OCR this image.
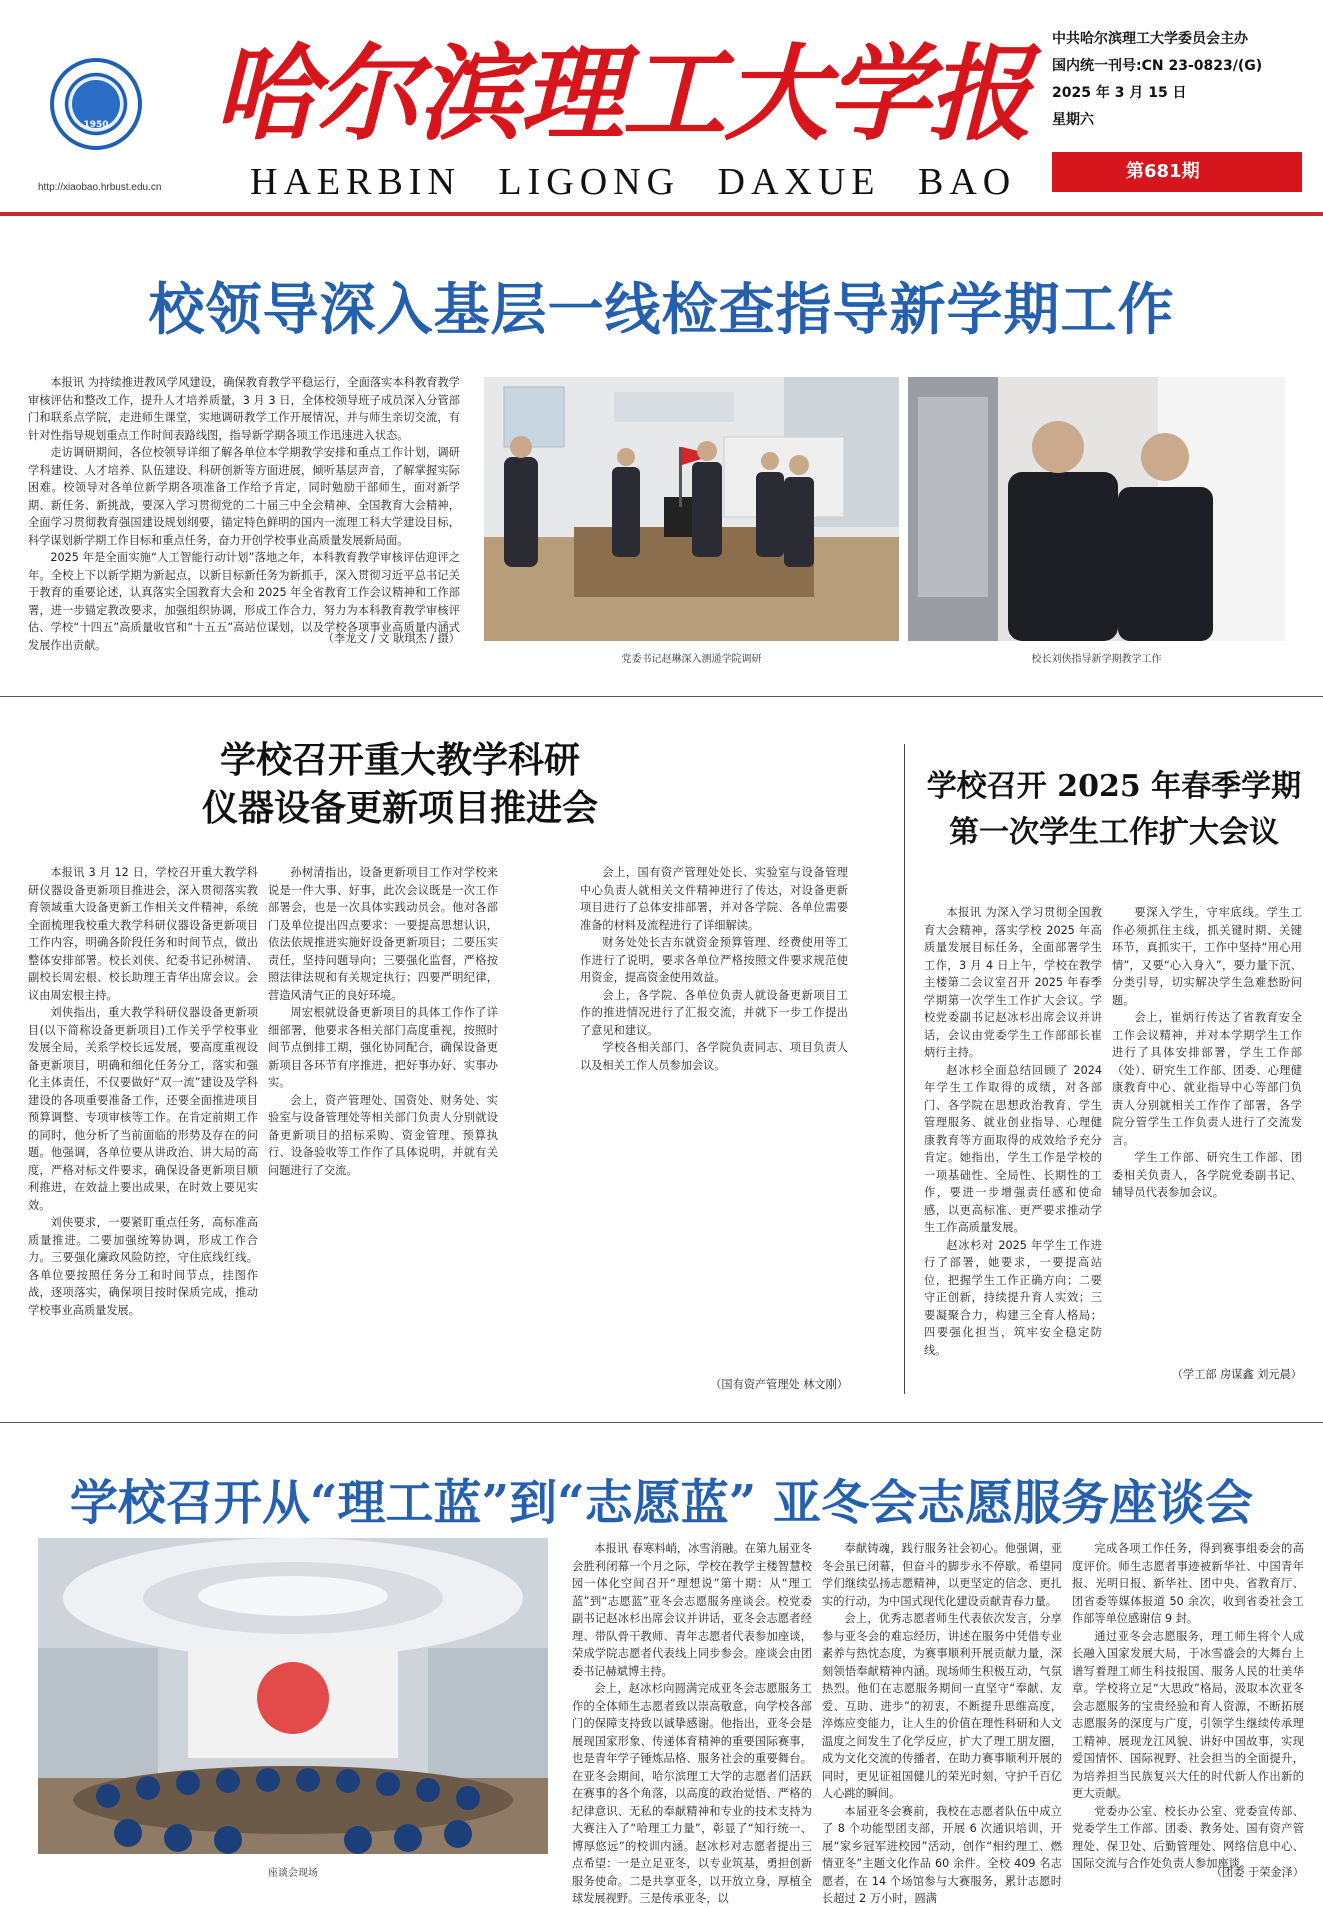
1950
http://xiaobao.hrbust.edu.cn
哈尔滨理工大学报
HAERBIN LIGONG DAXUE BAO
中共哈尔滨理工大学委员会主办
国内统一刊号:CN 23-0823/(G)
2025 年 3 月 15 日
星期六
第681期
校领导深入基层一线检查指导新学期工作

本报讯 为持续推进教风学风建设，确保教育教学平稳运行，全面落实本科教育教学审核评估和整改工作，提升人才培养质量，3 月 3 日，全体校领导班子成员深入分管部门和联系点学院，走进师生课堂，实地调研教学工作开展情况，并与师生亲切交流，有针对性指导规划重点工作时间表路线图，指导新学期各项工作迅速进入状态。

走访调研期间，各位校领导详细了解各单位本学期教学安排和重点工作计划，调研学科建设、人才培养、队伍建设、科研创新等方面进展，倾听基层声音，了解掌握实际困难。校领导对各单位新学期各项准备工作给予肯定，同时勉励干部师生，面对新学期、新任务、新挑战，要深入学习贯彻党的二十届三中全会精神、全国教育大会精神，全面学习贯彻教育强国建设规划纲要，锚定特色鲜明的国内一流理工科大学建设目标，科学谋划新学期工作目标和重点任务，奋力开创学校事业高质量发展新局面。

2025 年是全面实施“人工智能行动计划”落地之年，本科教育教学审核评估迎评之年。全校上下以新学期为新起点，以新目标新任务为新抓手，深入贯彻习近平总书记关于教育的重要论述，认真落实全国教育大会和 2025 年全省教育工作会议精神和工作部署，进一步锚定教改要求，加强组织协调，形成工作合力，努力为本科教育教学审核评估、学校“十四五”高质量收官和“十五五”高站位谋划，以及学校各项事业高质量内涵式发展作出贡献。	（李龙文 / 文 耿琪杰 / 摄）
党委书记赵琳深入测通学院调研	校长刘侠指导新学期教学工作
学校召开重大教学科研
仪器设备更新项目推进会

本报讯 3 月 12 日，学校召开重大教学科研仪器设备更新项目推进会，深入贯彻落实教育领域重大设备更新工作相关文件精神，系统全面梳理我校重大教学科研仪器设备更新项目工作内容，明确各阶段任务和时间节点，做出整体安排部署。校长刘侠、纪委书记孙树清、副校长周宏根、校长助理王青华出席会议。会议由周宏根主持。

刘侠指出，重大教学科研仪器设备更新项目(以下简称设备更新项目)工作关乎学校事业发展全局，关系学校长远发展，要高度重视设备更新项目，明确和细化任务分工，落实和强化主体责任，不仅要做好“双一流”建设及学科建设的各项重要准备工作，还要全面推进项目预算调整、专项审核等工作。在肯定前期工作的同时，他分析了当前面临的形势及存在的问题。他强调，各单位要从讲政治、讲大局的高度，严格对标文件要求，确保设备更新项目顺利推进，在效益上要出成果，在时效上要见实效。

刘侠要求，一要紧盯重点任务，高标准高质量推进。二要加强统筹协调，形成工作合力。三要强化廉政风险防控，守住底线红线。各单位要按照任务分工和时间节点，挂图作战，逐项落实，确保项目按时保质完成，推动学校事业高质量发展。

孙树清指出，设备更新项目工作对学校来说是一件大事、好事，此次会议既是一次工作部署会，也是一次具体实践动员会。他对各部门及单位提出四点要求：一要提高思想认识，依法依规推进实施好设备更新项目；二要压实责任，坚持问题导向；三要强化监督，严格按照法律法规和有关规定执行；四要严明纪律，营造风清气正的良好环境。

周宏根就设备更新项目的具体工作作了详细部署，他要求各相关部门高度重视，按照时间节点倒排工期，强化协同配合，确保设备更新项目各环节有序推进，把好事办好、实事办实。

会上，资产管理处、国资处、财务处、实验室与设备管理处等相关部门负责人分别就设备更新项目的招标采购、资金管理、预算执行、设备验收等工作作了具体说明，并就有关问题进行了交流。

会上，国有资产管理处处长、实验室与设备管理中心负责人就相关文件精神进行了传达，对设备更新项目进行了总体安排部署，并对各学院、各单位需要准备的材料及流程进行了详细解读。

财务处处长吉东就资金预算管理、经费使用等工作进行了说明，要求各单位严格按照文件要求规范使用资金，提高资金使用效益。

会上，各学院、各单位负责人就设备更新项目工作的推进情况进行了汇报交流，并就下一步工作提出了意见和建议。

学校各相关部门、各学院负责同志、项目负责人以及相关工作人员参加会议。

（国有资产管理处 林文刚）
学校召开 2025 年春季学期
第一次学生工作扩大会议

本报讯 为深入学习贯彻全国教育大会精神，落实学校 2025 年高质量发展目标任务，全面部署学生工作，3 月 4 日上午，学校在教学主楼第二会议室召开 2025 年春季学期第一次学生工作扩大会议。学校党委副书记赵冰杉出席会议并讲话，会议由党委学生工作部部长崔炳行主持。

赵冰杉全面总结回顾了 2024 年学生工作取得的成绩，对各部门、各学院在思想政治教育、学生管理服务、就业创业指导、心理健康教育等方面取得的成效给予充分肯定。她指出，学生工作是学校的一项基础性、全局性、长期性的工作，要进一步增强责任感和使命感，以更高标准、更严要求推动学生工作高质量发展。

赵冰杉对 2025 年学生工作进行了部署，她要求，一要提高站位，把握学生工作正确方向；二要守正创新，持续提升育人实效；三要凝聚合力，构建三全育人格局；四要强化担当，筑牢安全稳定防线。

要深入学生，守牢底线。学生工作必须抓住主线，抓关键时期、关键环节，真抓实干，工作中坚持“用心用情”，又要“心入身入”，要力量下沉、分类引导，切实解决学生急难愁盼问题。

会上，崔炳行传达了省教育安全工作会议精神，并对本学期学生工作进行了具体安排部署，学生工作部（处）、研究生工作部、团委、心理健康教育中心、就业指导中心等部门负责人分别就相关工作作了部署，各学院分管学生工作负责人进行了交流发言。

学生工作部、研究生工作部、团委相关负责人，各学院党委副书记、辅导员代表参加会议。

（学工部 房谋鑫 刘元晨）
学校召开从“理工蓝”到“志愿蓝” 亚冬会志愿服务座谈会
座谈会现场

本报讯 春寒料峭，冰雪消融。在第九届亚冬会胜利闭幕一个月之际，学校在教学主楼智慧校园一体化空间召开“理想说”第十期：从“理工蓝”到“志愿蓝”亚冬会志愿服务座谈会。校党委副书记赵冰杉出席会议并讲话，亚冬会志愿者经理、带队骨干教师、青年志愿者代表参加座谈，荣成学院志愿者代表线上同步参会。座谈会由团委书记赫斌博主持。

会上，赵冰杉向圆满完成亚冬会志愿服务工作的全体师生志愿者致以崇高敬意，向学校各部门的保障支持致以诚挚感谢。他指出，亚冬会是展现国家形象、传递体育精神的重要国际赛事，也是青年学子锤炼品格、服务社会的重要舞台。在亚冬会期间，哈尔滨理工大学的志愿者们活跃在赛事的各个角落，以高度的政治觉悟、严格的纪律意识、无私的奉献精神和专业的技术支持为大赛注入了“哈理工力量”，彰显了“知行统一、博厚悠远”的校训内涵。赵冰杉对志愿者提出三点希望：一是立足亚冬，以专业筑基，勇担创新服务使命。二是共享亚冬，以开放立身，厚植全球发展视野。三是传承亚冬，以

奉献铸魂，践行服务社会初心。他强调，亚冬会虽已闭幕，但奋斗的脚步永不停歇。希望同学们继续弘扬志愿精神，以更坚定的信念、更扎实的行动，为中国式现代化建设贡献青春力量。

会上，优秀志愿者师生代表依次发言，分享参与亚冬会的难忘经历，讲述在服务中凭借专业素养与热忱态度，为赛事顺利开展贡献力量，深刻领悟奉献精神内涵。现场师生积极互动，气氛热烈。他们在志愿服务期间一直坚守“奉献、友爱、互助、进步”的初衷，不断提升思维高度，淬炼应变能力，让人生的价值在理性科研和人文温度之间发生了化学反应，扩大了理工朋友圈，成为文化交流的传播者，在助力赛事顺利开展的同时，更见证祖国健儿的荣光时刻，守护千百亿人心跳的瞬间。

本届亚冬会赛前，我校在志愿者队伍中成立了 8 个功能型团支部，开展 6 次通识培训，开展“家乡冠军进校园”活动，创作“相约理工、燃情亚冬”主题文化作品 60 余件。全校 409 名志愿者，在 14 个场馆参与大赛服务，累计志愿时长超过 2 万小时，圆满

完成各项工作任务，得到赛事组委会的高度评价。师生志愿者事迹被新华社、中国青年报、光明日报、新华社、团中央、省教育厅、团省委等媒体报道 50 余次，收到省委社会工作部等单位感谢信 9 封。

通过亚冬会志愿服务，理工师生将个人成长融入国家发展大局，于冰雪盛会的大舞台上谱写着理工师生科技报国、服务人民的壮美华章。学校将立足“大思政”格局，汲取本次亚冬会志愿服务的宝贵经验和育人资源，不断拓展志愿服务的深度与广度，引领学生继续传承理工精神、展现龙江风貌、讲好中国故事，实现爱国情怀、国际视野、社会担当的全面提升，为培养担当民族复兴大任的时代新人作出新的更大贡献。

党委办公室、校长办公室、党委宣传部、党委学生工作部、团委、教务处、国有资产管理处、保卫处、后勤管理处、网络信息中心、国际交流与合作处负责人参加座谈。

（团委 于荣金泽）
